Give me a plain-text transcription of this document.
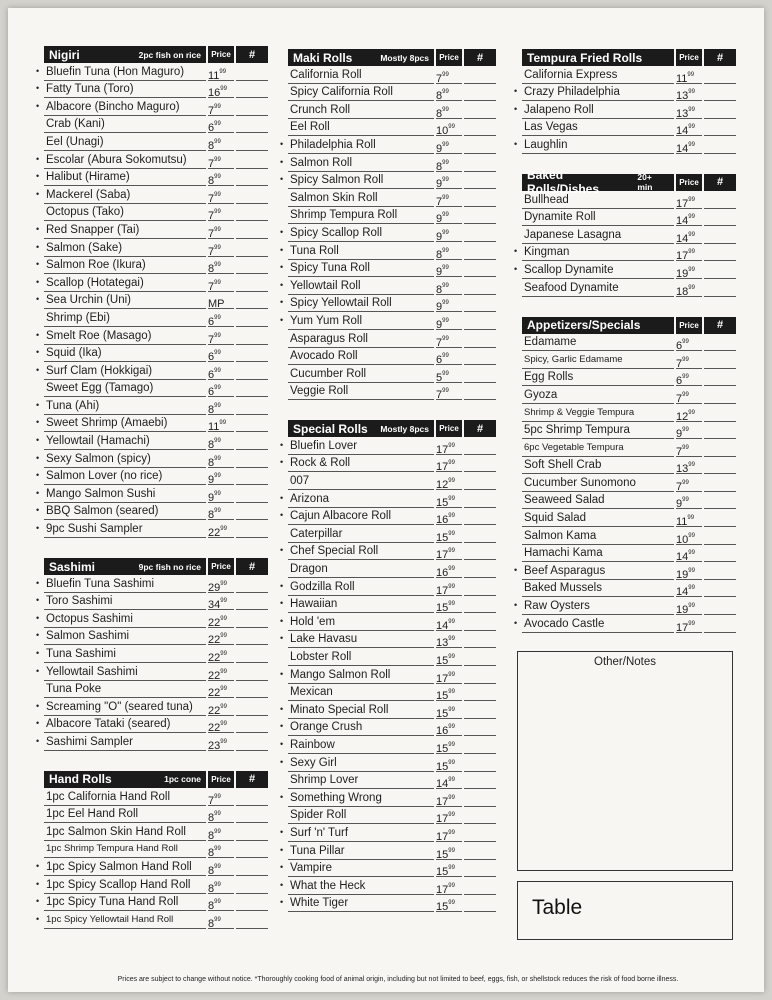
Nigiri	2pc fish on rice	Price	#
• Bluefin Tuna (Hon Maguro)	$11^{99}$
• Fatty Tuna (Toro)	$16^{99}$
• Albacore (Bincho Maguro)	$7^{99}$
Crab (Kani)	$6^{99}$
Eel (Unagi)	$8^{99}$
• Escolar (Abura Sokomutsu)	$7^{99}$
• Halibut (Hirame)	$8^{99}$
• Mackerel (Saba)	$7^{99}$
Octopus (Tako)	$7^{99}$
• Red Snapper (Tai)	$7^{99}$
• Salmon (Sake)	$7^{99}$
• Salmon Roe (Ikura)	$8^{99}$
• Scallop (Hotategai)	$7^{99}$
• Sea Urchin (Uni)	MP
Shrimp (Ebi)	$6^{99}$
• Smelt Roe (Masago)	$7^{99}$
• Squid (Ika)	$6^{99}$
• Surf Clam (Hokkigai)	$6^{99}$
Sweet Egg (Tamago)	$6^{99}$
• Tuna (Ahi)	$8^{99}$
• Sweet Shrimp (Amaebi)	$11^{99}$
• Yellowtail (Hamachi)	$8^{99}$
• Sexy Salmon (spicy)	$8^{99}$
• Salmon Lover (no rice)	$9^{99}$
• Mango Salmon Sushi	$9^{99}$
• BBQ Salmon (seared)	$8^{99}$
• 9pc Sushi Sampler	$22^{99}$
Sashimi	9pc fish no rice	Price	#
• Bluefin Tuna Sashimi	$29^{99}$
• Toro Sashimi	$34^{99}$
• Octopus Sashimi	$22^{99}$
• Salmon Sashimi	$22^{99}$
• Tuna Sashimi	$22^{99}$
• Yellowtail Sashimi	$22^{99}$
Tuna Poke	$22^{99}$
• Screaming "O" (seared tuna)	$22^{99}$
• Albacore Tataki (seared)	$22^{99}$
• Sashimi Sampler	$23^{99}$
Hand Rolls	1pc cone	Price	#
1pc California Hand Roll	$7^{99}$
1pc Eel Hand Roll	$8^{99}$
1pc Salmon Skin Hand Roll	$8^{99}$
1pc Shrimp Tempura Hand Roll	$8^{99}$
• 1pc Spicy Salmon Hand Roll	$8^{99}$
• 1pc Spicy Scallop Hand Roll	$8^{99}$
• 1pc Spicy Tuna Hand Roll	$8^{99}$
• 1pc Spicy Yellowtail Hand Roll	$8^{99}$
Maki Rolls	Mostly 8pcs	Price	#
California Roll	$7^{99}$
Spicy California Roll	$8^{99}$
Crunch Roll	$8^{99}$
Eel Roll	$10^{99}$
• Philadelphia Roll	$9^{99}$
• Salmon Roll	$8^{99}$
• Spicy Salmon Roll	$9^{99}$
Salmon Skin Roll	$7^{99}$
Shrimp Tempura Roll	$9^{99}$
• Spicy Scallop Roll	$9^{99}$
• Tuna Roll	$8^{99}$
• Spicy Tuna Roll	$9^{99}$
• Yellowtail Roll	$8^{99}$
• Spicy Yellowtail Roll	$9^{99}$
• Yum Yum Roll	$9^{99}$
Asparagus Roll	$7^{99}$
Avocado Roll	$6^{99}$
Cucumber Roll	$5^{99}$
Veggie Roll	$7^{99}$
Special Rolls Mostly 8pcs	Price	#
• Bluefin Lover	$17^{99}$
• Rock & Roll	$17^{99}$
007	$12^{99}$
• Arizona	$15^{99}$
• Cajun Albacore Roll	$16^{99}$
Caterpillar	$15^{99}$
• Chef Special Roll	$17^{99}$
Dragon	$16^{99}$
• Godzilla Roll	$17^{99}$
• Hawaiian	$15^{99}$
• Hold 'em	$14^{99}$
• Lake Havasu	$13^{99}$
Lobster Roll	$15^{99}$
• Mango Salmon Roll	$17^{99}$
Mexican	$15^{99}$
• Minato Special Roll	$15^{99}$
• Orange Crush	$16^{99}$
• Rainbow	$15^{99}$
• Sexy Girl	$15^{99}$
Shrimp Lover	$14^{99}$
• Something Wrong	$17^{99}$
Spider Roll	$17^{99}$
• Surf 'n' Turf	$17^{99}$
• Tuna Pillar	$15^{99}$
• Vampire	$15^{99}$
• What the Heck	$17^{99}$
• White Tiger	$15^{99}$
Tempura Fried Rolls	Price	#
California Express	$11^{99}$
• Crazy Philadelphia	$13^{99}$
• Jalapeno Roll	$13^{99}$
Las Vegas	$14^{99}$
• Laughlin	$14^{99}$
Baked Rolls/Dishes
20+ min	Price	#
Bullhead	$17^{99}$
Dynamite Roll	$14^{99}$
Japanese Lasagna	$14^{99}$
• Kingman	$17^{99}$
• Scallop Dynamite	$19^{99}$
Seafood Dynamite	$18^{99}$
Appetizers/Specials	Price	#
Edamame	$6^{99}$
Spicy, Garlic Edamame	$7^{99}$
Egg Rolls	$6^{99}$
Gyoza	$7^{99}$
Shrimp & Veggie Tempura	$12^{99}$
5pc Shrimp Tempura	$9^{99}$
6pc Vegetable Tempura	$7^{99}$
Soft Shell Crab	$13^{99}$
Cucumber Sunomono	$7^{99}$
Seaweed Salad	$9^{99}$
Squid Salad	$11^{99}$
Salmon Kama	$10^{99}$
Hamachi Kama	$14^{99}$
• Beef Asparagus	$19^{99}$
Baked Mussels	$14^{99}$
• Raw Oysters	$19^{99}$
• Avocado Castle	$17^{99}$
Other/Notes
Table
Prices are subject to change without notice. *Thoroughly cooking food of animal origin, including but not limited to beef, eggs, fish, or shellstock reduces the risk of food borne illness.
